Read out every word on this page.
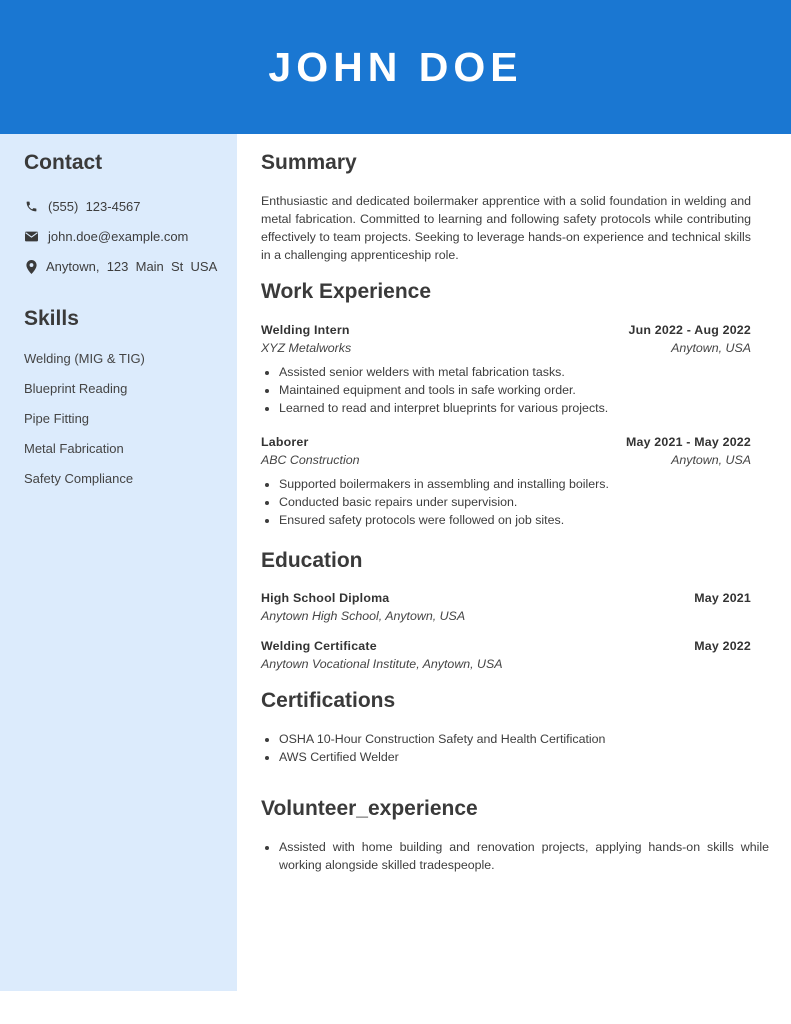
JOHN DOE
Contact
(555)  123-4567
john.doe@example.com
Anytown,  123  Main  St  USA
Skills
Welding (MIG & TIG)
Blueprint Reading
Pipe Fitting
Metal Fabrication
Safety Compliance
Summary

Enthusiastic and dedicated boilermaker apprentice with a solid foundation in welding and metal fabrication. Committed to learning and following safety protocols while contributing effectively to team projects. Seeking to leverage hands-on experience and technical skills in a challenging apprenticeship role.

Work Experience
Welding Intern	Jun 2022 - Aug 2022
XYZ Metalworks	Anytown, USA
• Assisted senior welders with metal fabrication tasks.
• Maintained equipment and tools in safe working order.
• Learned to read and interpret blueprints for various projects.
Laborer	May 2021 - May 2022
ABC Construction	Anytown, USA
• Supported boilermakers in assembling and installing boilers.
• Conducted basic repairs under supervision.
• Ensured safety protocols were followed on job sites.
Education
High School Diploma	May 2021
Anytown High School, Anytown, USA
Welding Certificate	May 2022
Anytown Vocational Institute, Anytown, USA
Certifications
• OSHA 10-Hour Construction Safety and Health Certification
• AWS Certified Welder
Volunteer_experience
• Assisted with home building and renovation projects, applying hands-on skills while working alongside skilled tradespeople.
